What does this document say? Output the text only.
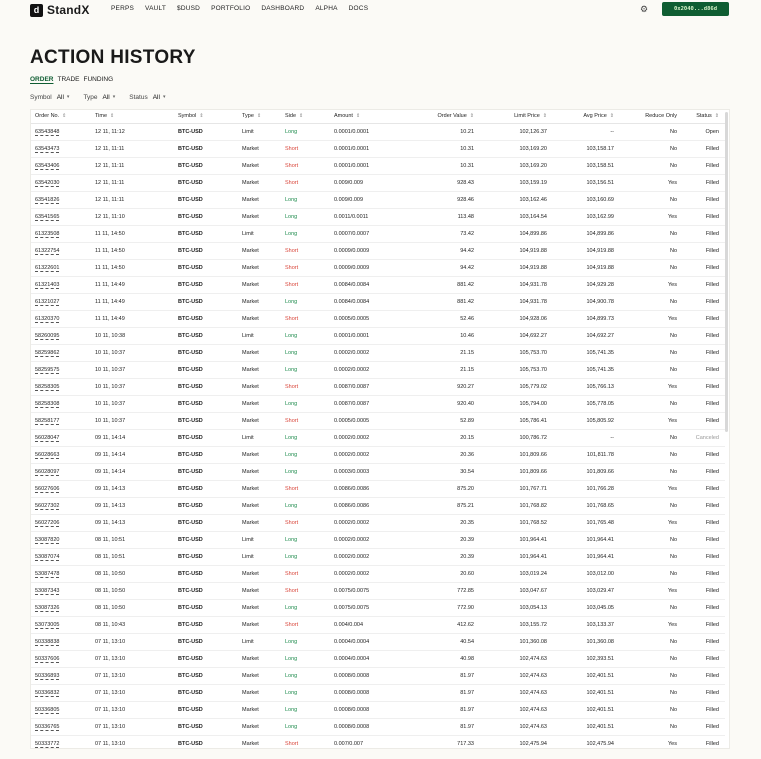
d StandX	PERPS VAULT $DUSD PORTFOLIO DASHBOARD ALPHA DOCS	⚙	0x2040...d86d
ACTION HISTORY
ORDER TRADE FUNDING
Symbol All ▾ Type All ▾ Status All ▾
Order No. ⇕	Time ⇕	Symbol ⇕	Type ⇕	Side ⇕	Amount ⇕	Order Value ⇕	Limit Price ⇕	Avg Price ⇕	Reduce Only	Status ⇕
63543848	12 11, 11:12	BTC-USD	Limit	Long	0.0001/0.0001	10.21	102,126.37	--	No	Open
63543473	12 11, 11:11	BTC-USD	Market	Short	0.0001/0.0001	10.31	103,169.20	103,158.17	No	Filled
63543406	12 11, 11:11	BTC-USD	Market	Short	0.0001/0.0001	10.31	103,169.20	103,158.51	No	Filled
63542030	12 11, 11:11	BTC-USD	Market	Short	0.009/0.009	928.43	103,159.19	103,156.51	Yes	Filled
63541826	12 11, 11:11	BTC-USD	Market	Long	0.009/0.009	928.46	103,162.46	103,160.69	No	Filled
63541565	12 11, 11:10	BTC-USD	Market	Long	0.0011/0.0011	113.48	103,164.54	103,162.99	Yes	Filled
61323508	11 11, 14:50	BTC-USD	Limit	Long	0.0007/0.0007	73.42	104,899.86	104,899.86	No	Filled
61322754	11 11, 14:50	BTC-USD	Market	Short	0.0009/0.0009	94.42	104,919.88	104,919.88	No	Filled
61322601	11 11, 14:50	BTC-USD	Market	Short	0.0009/0.0009	94.42	104,919.88	104,919.88	No	Filled
61321403	11 11, 14:49	BTC-USD	Market	Short	0.0084/0.0084	881.42	104,931.78	104,929.28	Yes	Filled
61321027	11 11, 14:49	BTC-USD	Market	Long	0.0084/0.0084	881.42	104,931.78	104,900.78	No	Filled
61320370	11 11, 14:49	BTC-USD	Market	Short	0.0005/0.0005	52.46	104,928.06	104,899.73	Yes	Filled
58260095	10 11, 10:38	BTC-USD	Limit	Long	0.0001/0.0001	10.46	104,692.27	104,692.27	No	Filled
58259862	10 11, 10:37	BTC-USD	Market	Long	0.0002/0.0002	21.15	105,753.70	105,741.35	No	Filled
58259575	10 11, 10:37	BTC-USD	Market	Long	0.0002/0.0002	21.15	105,753.70	105,741.35	No	Filled
58258305	10 11, 10:37	BTC-USD	Market	Short	0.0087/0.0087	920.27	105,779.02	105,766.13	Yes	Filled
58258308	10 11, 10:37	BTC-USD	Market	Long	0.0087/0.0087	920.40	105,794.00	105,778.05	No	Filled
58258177	10 11, 10:37	BTC-USD	Market	Short	0.0005/0.0005	52.89	105,786.41	105,805.92	Yes	Filled
56028047	09 11, 14:14	BTC-USD	Limit	Long	0.0002/0.0002	20.15	100,786.72	--	No	Canceled
56028663	09 11, 14:14	BTC-USD	Market	Long	0.0002/0.0002	20.36	101,809.66	101,811.78	No	Filled
56028097	09 11, 14:14	BTC-USD	Market	Long	0.0003/0.0003	30.54	101,809.66	101,809.66	No	Filled
56027606	09 11, 14:13	BTC-USD	Market	Short	0.0086/0.0086	875.20	101,767.71	101,766.28	Yes	Filled
56027302	09 11, 14:13	BTC-USD	Market	Long	0.0086/0.0086	875.21	101,768.82	101,768.65	No	Filled
56027206	09 11, 14:13	BTC-USD	Market	Short	0.0002/0.0002	20.35	101,768.52	101,765.48	Yes	Filled
53087820	08 11, 10:51	BTC-USD	Limit	Long	0.0002/0.0002	20.39	101,964.41	101,964.41	No	Filled
53087074	08 11, 10:51	BTC-USD	Limit	Long	0.0002/0.0002	20.39	101,964.41	101,964.41	No	Filled
53087478	08 11, 10:50	BTC-USD	Market	Short	0.0002/0.0002	20.60	103,019.24	103,012.00	No	Filled
53087343	08 11, 10:50	BTC-USD	Market	Short	0.0075/0.0075	772.85	103,047.67	103,029.47	Yes	Filled
53087326	08 11, 10:50	BTC-USD	Market	Long	0.0075/0.0075	772.90	103,054.13	103,045.05	No	Filled
53073005	08 11, 10:43	BTC-USD	Market	Short	0.004/0.004	412.62	103,155.72	103,133.37	Yes	Filled
50338838	07 11, 13:10	BTC-USD	Limit	Long	0.0004/0.0004	40.54	101,360.08	101,360.08	No	Filled
50337606	07 11, 13:10	BTC-USD	Market	Long	0.0004/0.0004	40.98	102,474.63	102,393.51	No	Filled
50336893	07 11, 13:10	BTC-USD	Market	Long	0.0008/0.0008	81.97	102,474.63	102,401.51	No	Filled
50336832	07 11, 13:10	BTC-USD	Market	Long	0.0008/0.0008	81.97	102,474.63	102,401.51	No	Filled
50336805	07 11, 13:10	BTC-USD	Market	Long	0.0008/0.0008	81.97	102,474.63	102,401.51	No	Filled
50336765	07 11, 13:10	BTC-USD	Market	Long	0.0008/0.0008	81.97	102,474.63	102,401.51	No	Filled
50333772	07 11, 13:10	BTC-USD	Market	Short	0.007/0.007	717.33	102,475.94	102,475.94	Yes	Filled
